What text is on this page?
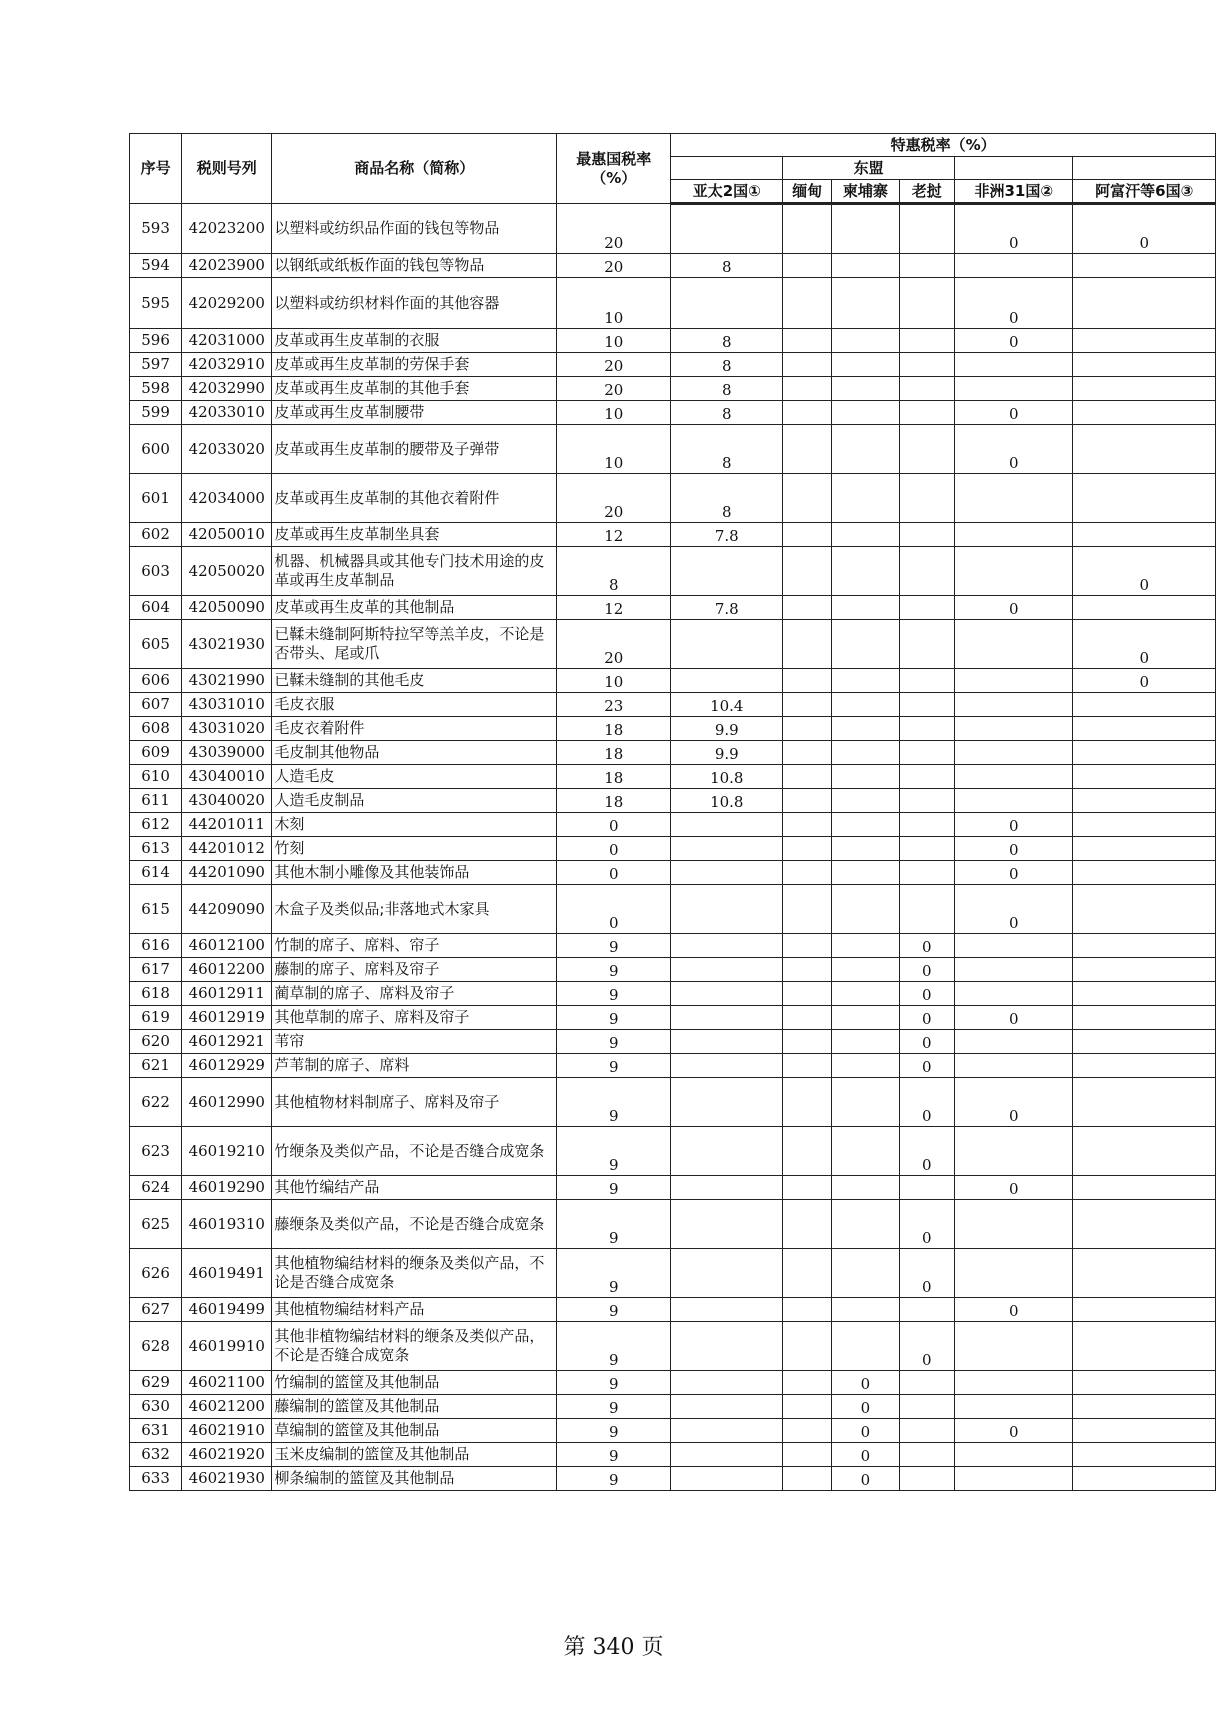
序号	税则号列	商品名称（简称）	最惠国税率
（%）	特惠税率（%）					
					东盟				
				亚太2国①	缅甸	柬埔寨	老挝	非洲31国②	阿富汗等6国③
593	42023200	以塑料或纺织品作面的钱包等物品	20					0	0
594	42023900	以钢纸或纸板作面的钱包等物品	20	8					
595	42029200	以塑料或纺织材料作面的其他容器	10					0	
596	42031000	皮革或再生皮革制的衣服	10	8				0	
597	42032910	皮革或再生皮革制的劳保手套	20	8					
598	42032990	皮革或再生皮革制的其他手套	20	8					
599	42033010	皮革或再生皮革制腰带	10	8				0	
600	42033020	皮革或再生皮革制的腰带及子弹带	10	8				0	
601	42034000	皮革或再生皮革制的其他衣着附件	20	8					
602	42050010	皮革或再生皮革制坐具套	12	7.8					
603	42050020	机器、机械器具或其他专门技术用途的皮革或再生皮革制品	8						0
604	42050090	皮革或再生皮革的其他制品	12	7.8				0	
605	43021930	已鞣未缝制阿斯特拉罕等羔羊皮，不论是否带头、尾或爪	20						0
606	43021990	已鞣未缝制的其他毛皮	10						0
607	43031010	毛皮衣服	23	10.4					
608	43031020	毛皮衣着附件	18	9.9					
609	43039000	毛皮制其他物品	18	9.9					
610	43040010	人造毛皮	18	10.8					
611	43040020	人造毛皮制品	18	10.8					
612	44201011	木刻	0					0	
613	44201012	竹刻	0					0	
614	44201090	其他木制小雕像及其他装饰品	0					0	
615	44209090	木盒子及类似品;非落地式木家具	0					0	
616	46012100	竹制的席子、席料、帘子	9				0		
617	46012200	藤制的席子、席料及帘子	9				0		
618	46012911	蔺草制的席子、席料及帘子	9				0		
619	46012919	其他草制的席子、席料及帘子	9				0	0	
620	46012921	苇帘	9				0		
621	46012929	芦苇制的席子、席料	9				0		
622	46012990	其他植物材料制席子、席料及帘子	9				0	0	
623	46019210	竹缏条及类似产品，不论是否缝合成宽条	9				0		
624	46019290	其他竹编结产品	9					0	
625	46019310	藤缏条及类似产品，不论是否缝合成宽条	9				0		
626	46019491	其他植物编结材料的缏条及类似产品，不论是否缝合成宽条	9				0		
627	46019499	其他植物编结材料产品	9					0	
628	46019910	其他非植物编结材料的缏条及类似产品，不论是否缝合成宽条	9				0		
629	46021100	竹编制的篮筐及其他制品	9			0			
630	46021200	藤编制的篮筐及其他制品	9			0			
631	46021910	草编制的篮筐及其他制品	9			0		0	
632	46021920	玉米皮编制的篮筐及其他制品	9			0			
633	46021930	柳条编制的篮筐及其他制品	9			0			
第 340 页
